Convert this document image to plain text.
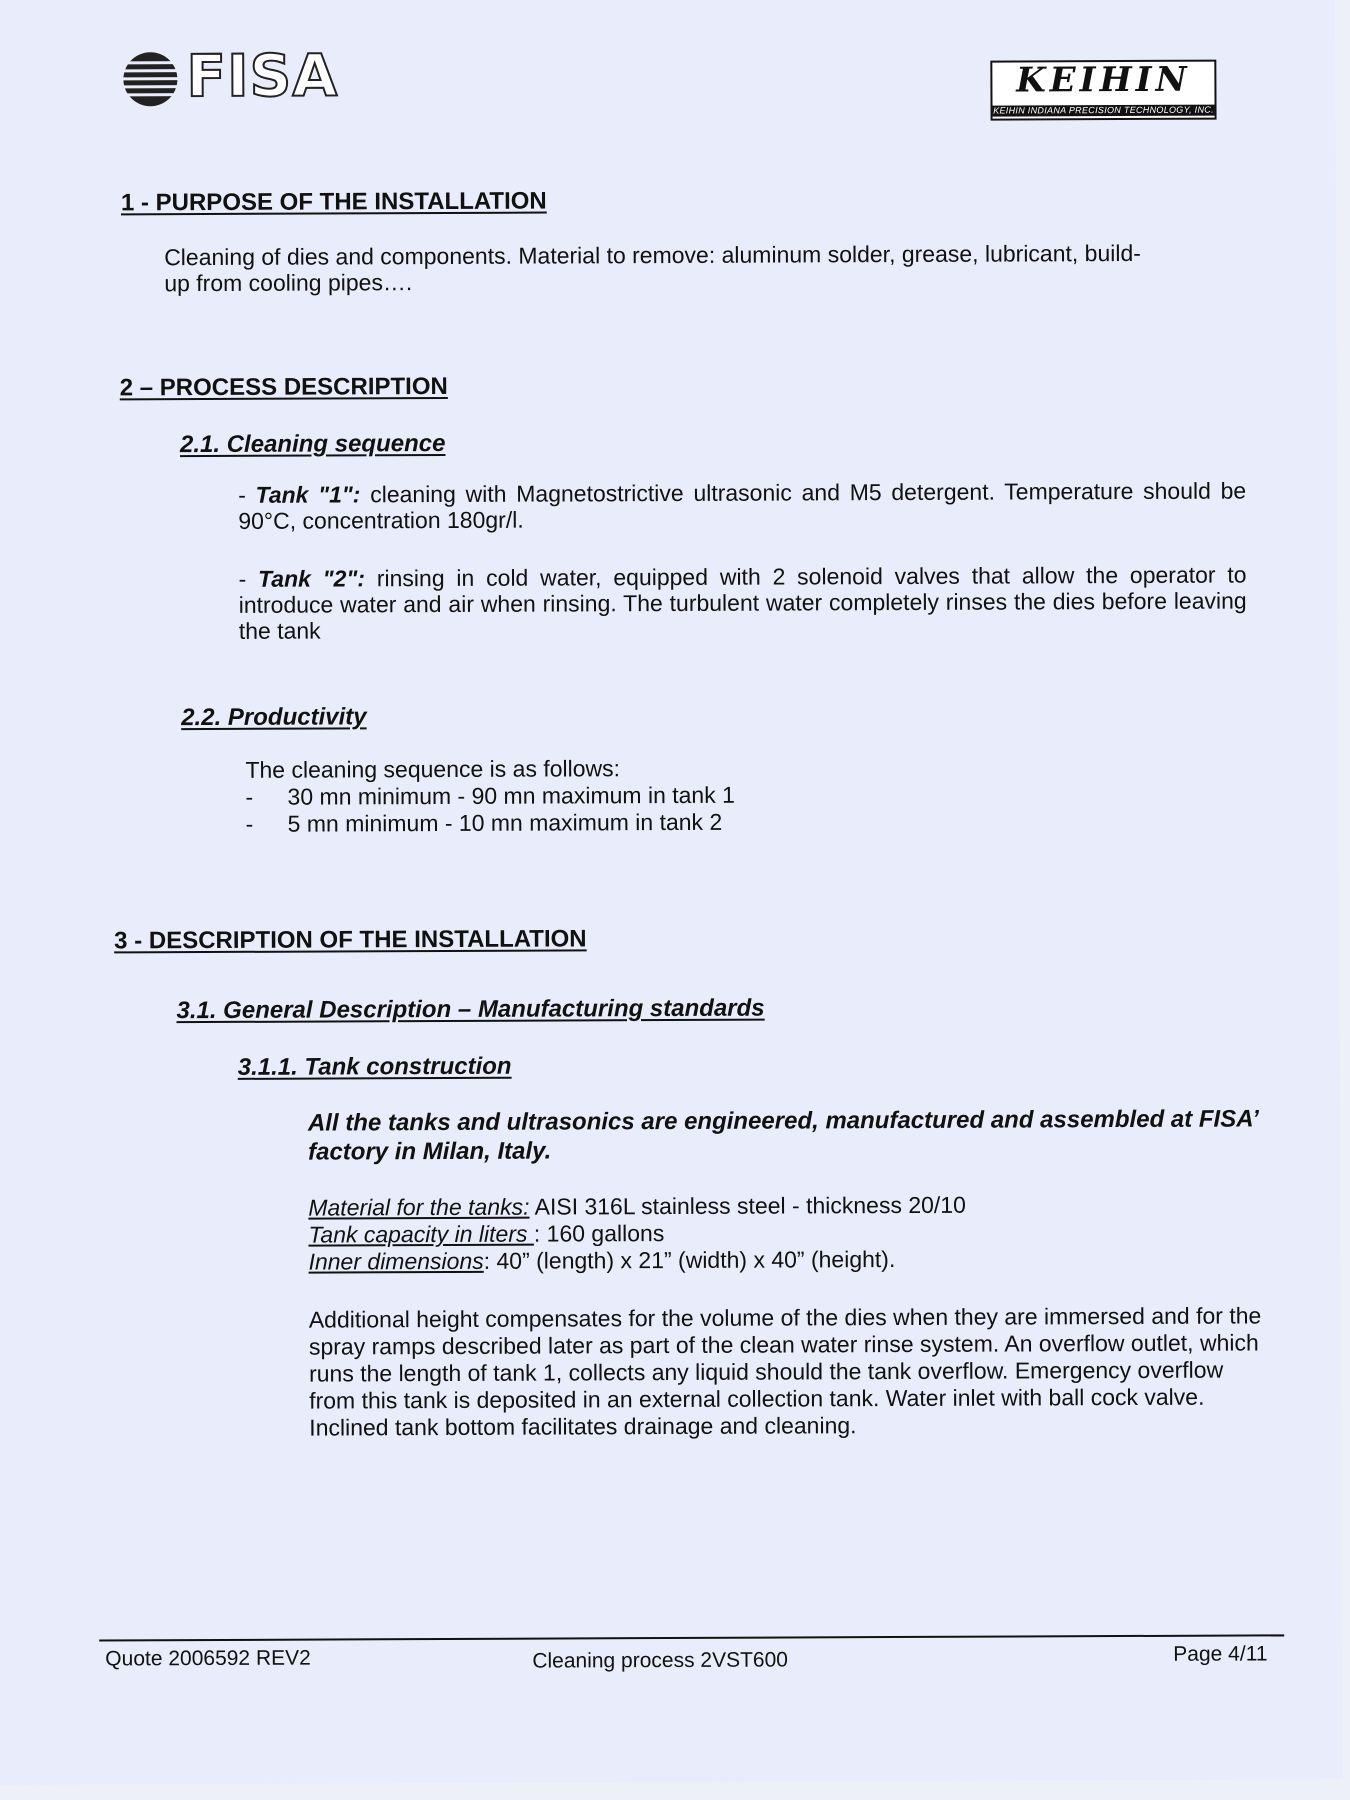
FISA	KEIHIN
KEIHIN INDIANA PRECISION TECHNOLOGY, INC.
1 - PURPOSE OF THE INSTALLATION

Cleaning of dies and components. Material to remove: aluminum solder, grease, lubricant, build-

up from cooling pipes….

2 – PROCESS DESCRIPTION
2.1. Cleaning sequence

- Tank "1": cleaning with Magnetostrictive ultrasonic and M5 detergent. Temperature should be 90°C, concentration 180gr/l.

- Tank "2": rinsing in cold water, equipped with 2 solenoid valves that allow the operator to introduce water and air when rinsing. The turbulent water completely rinses the dies before leaving the tank

2.2. Productivity

The cleaning sequence is as follows:

-	30 mn minimum - 90 mn maximum in tank 1
-	5 mn minimum - 10 mn maximum in tank 2
3 - DESCRIPTION OF THE INSTALLATION
3.1. General Description – Manufacturing standards
3.1.1. Tank construction

All the tanks and ultrasonics are engineered, manufactured and assembled at FISA’ factory in Milan, Italy.

Material for the tanks: AISI 316L stainless steel - thickness 20/10

Tank capacity in liters : 160 gallons

Inner dimensions: 40” (length) x 21” (width) x 40” (height).

Additional height compensates for the volume of the dies when they are immersed and for the spray ramps described later as part of the clean water rinse system. An overflow outlet, which runs the length of tank 1, collects any liquid should the tank overflow. Emergency overflow from this tank is deposited in an external collection tank. Water inlet with ball cock valve. Inclined tank bottom facilitates drainage and cleaning.

Quote 2006592 REV2	Cleaning process 2VST600	Page 4/11
